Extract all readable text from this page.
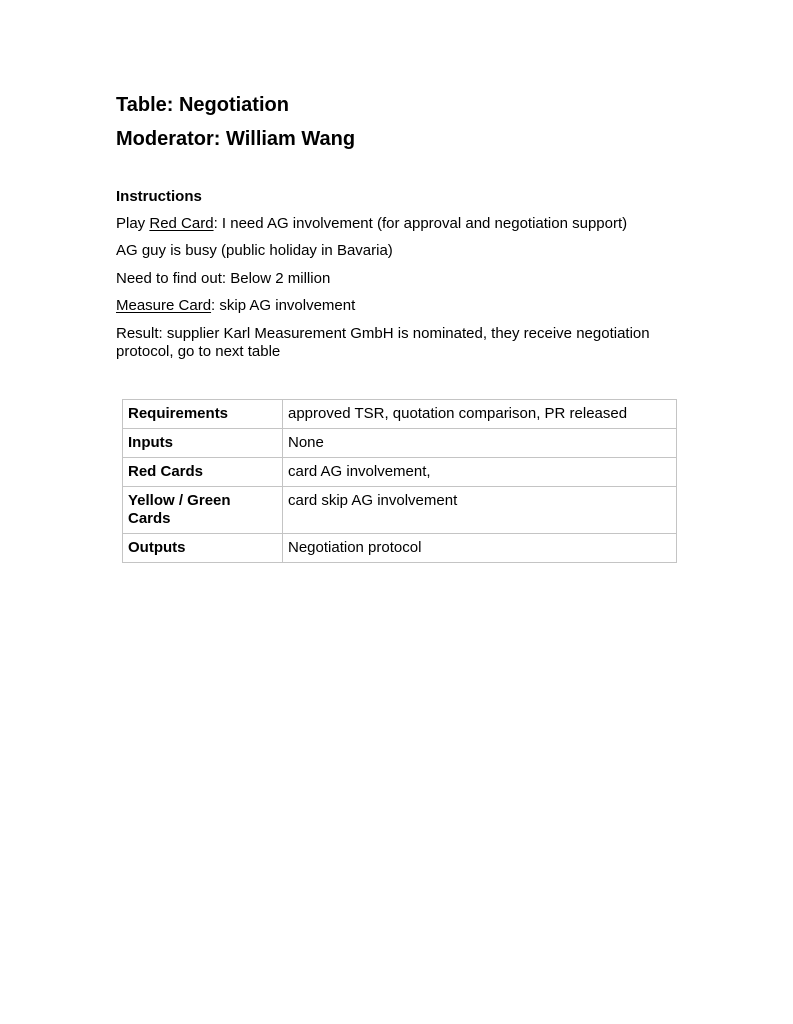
Table: Negotiation
Moderator: William Wang

Instructions

Play Red Card: I need AG involvement (for approval and negotiation support)

AG guy is busy (public holiday in Bavaria)

Need to find out: Below 2 million

Measure Card: skip AG involvement

Result: supplier Karl Measurement GmbH is nominated, they receive negotiation protocol, go to next table

Requirements	approved TSR, quotation comparison, PR released
Inputs	None
Red Cards	card AG involvement,
Yellow / Green Cards	card skip AG involvement
Outputs	Negotiation protocol
